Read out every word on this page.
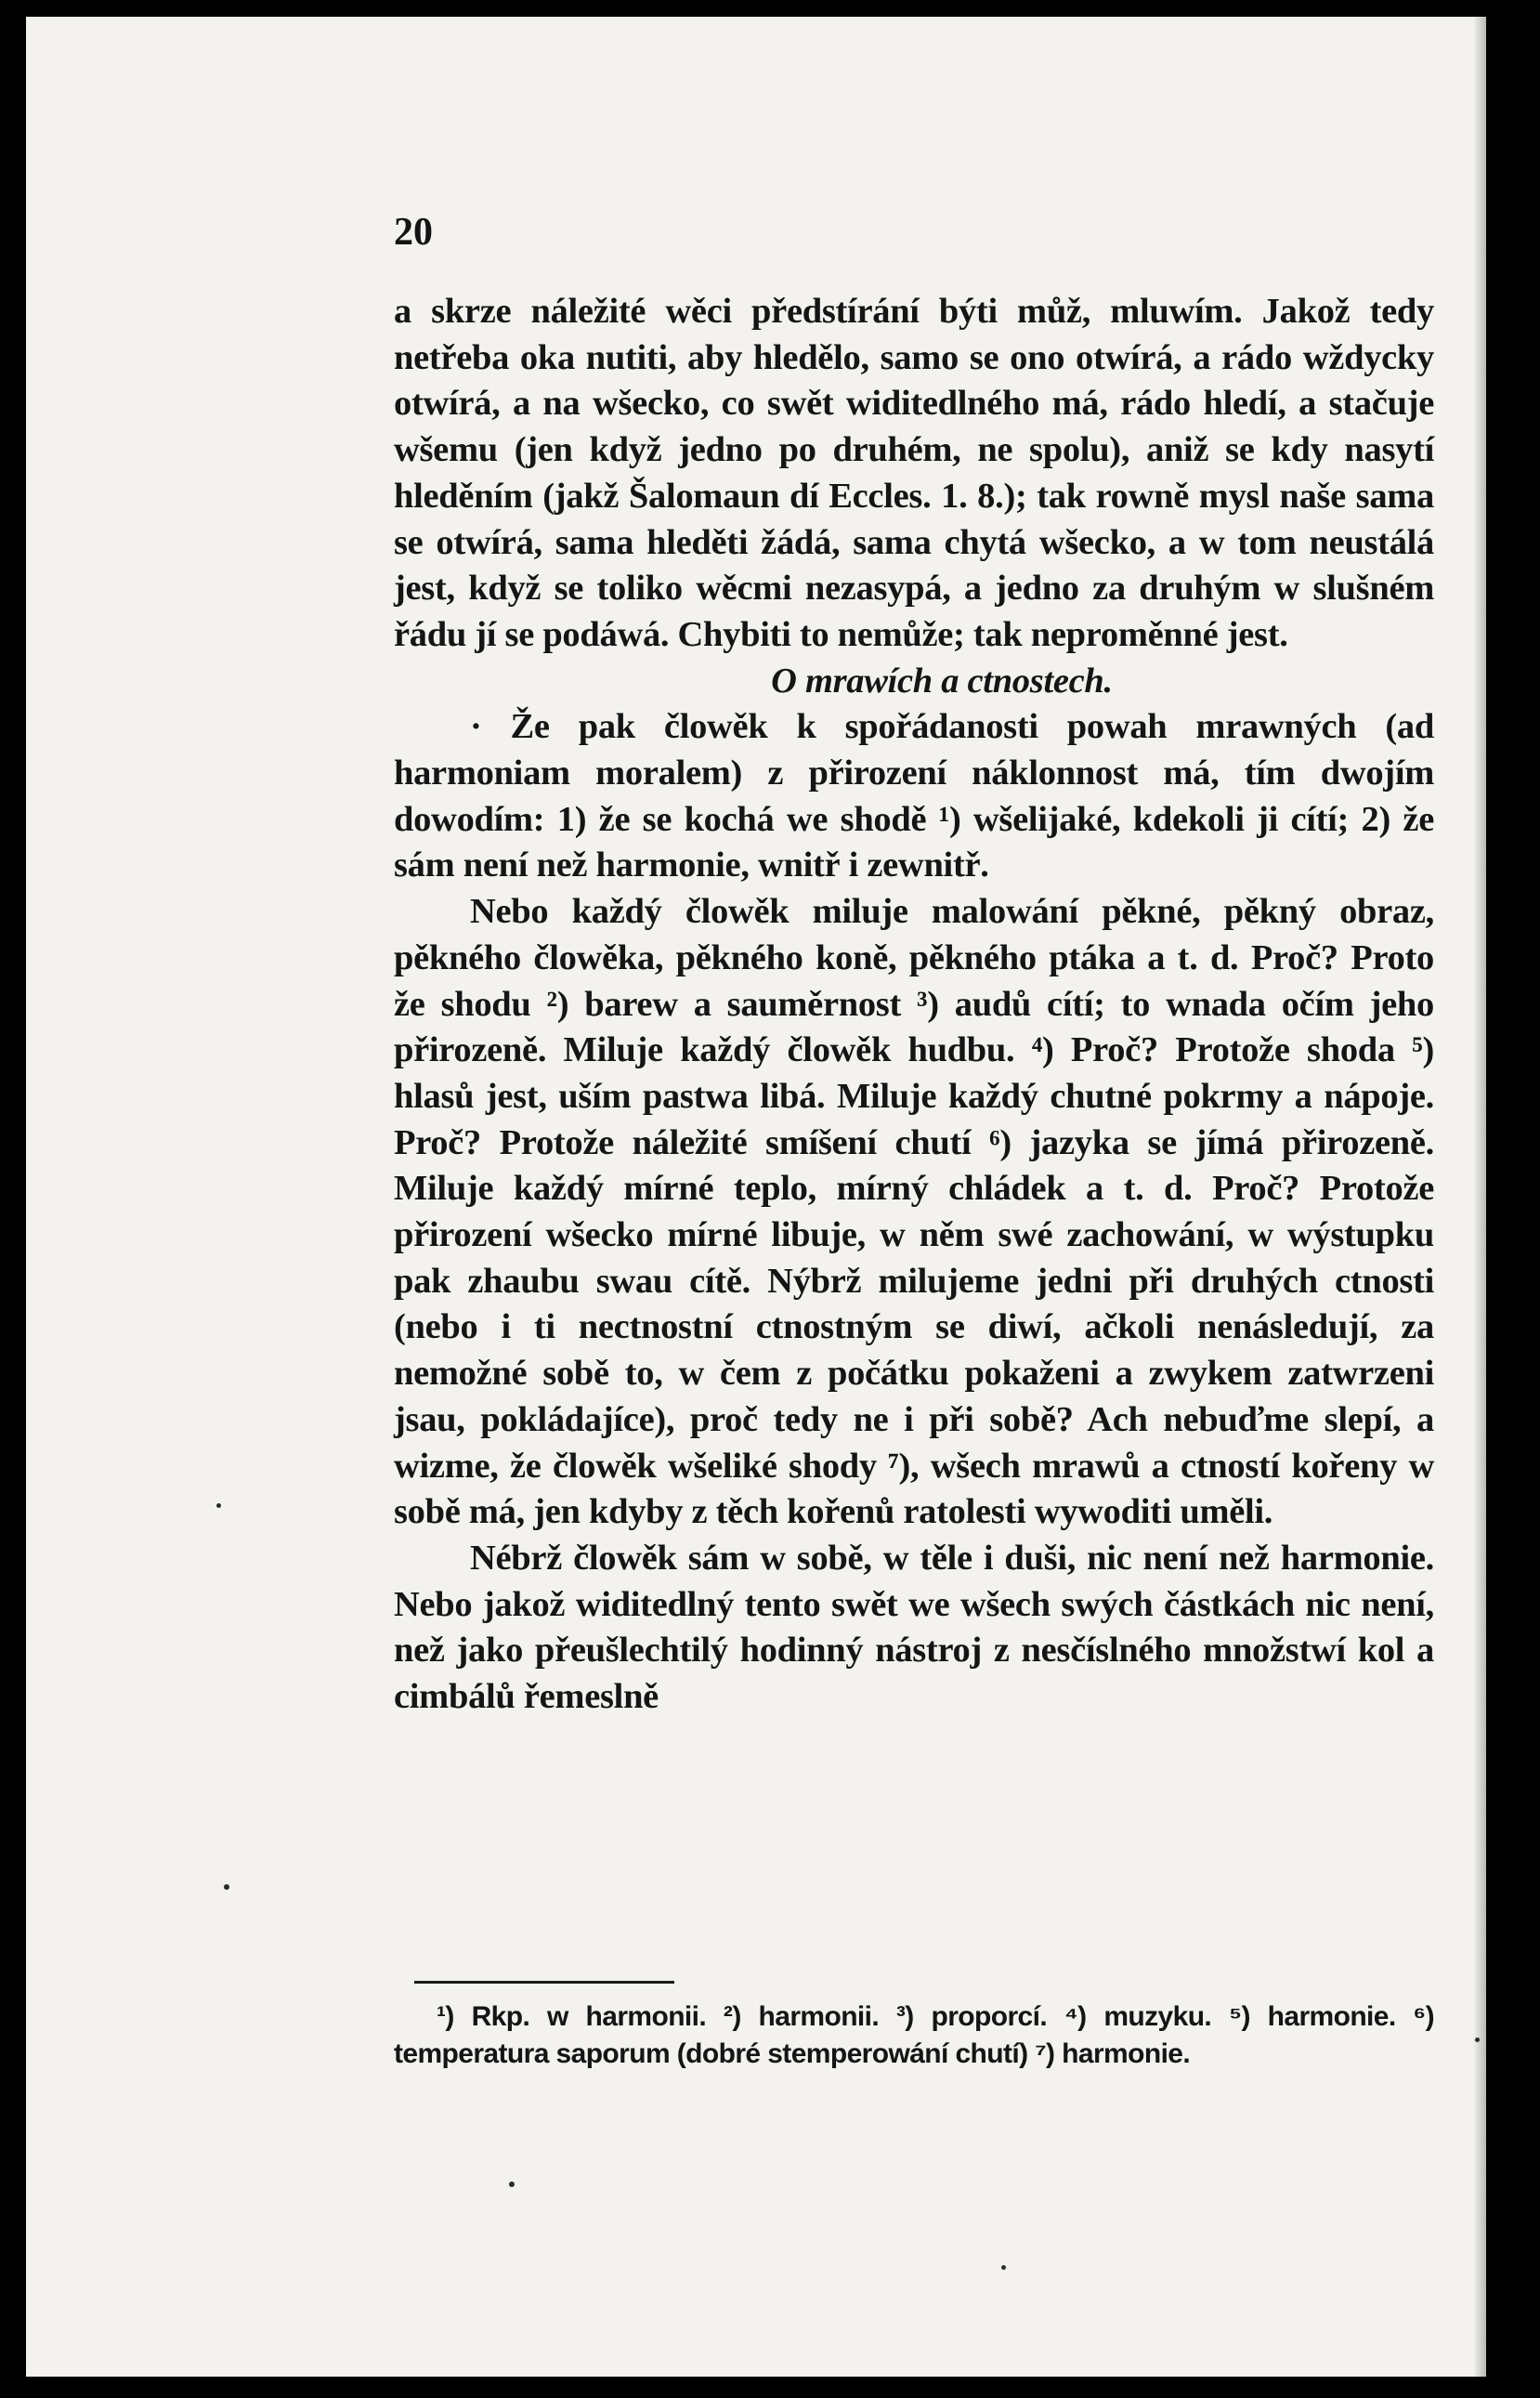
20

a skrze náležité wěci předstírání býti můž, mluwím. Jakož tedy netřeba oka nutiti, aby hledělo, samo se ono otwírá, a rádo wždycky otwírá, a na wšecko, co swět widitedlného má, rádo hledí, a stačuje wšemu (jen když jedno po druhém, ne spolu), aniž se kdy nasytí hleděním (jakž Šalomaun dí Eccles. 1. 8.); tak rowně mysl naše sama se otwírá, sama hleděti žádá, sama chytá wšecko, a w tom neustálá jest, když se toliko wěcmi nezasypá, a jedno za druhým w slušném řádu jí se podáwá. Chybiti to nemůže; tak neproměnné jest.

O mrawích a ctnostech.

· Že pak člowěk k spořádanosti powah mrawných (ad harmoniam moralem) z přirození náklonnost má, tím dwojím dowodím: 1) že se kochá we shodě ¹) wšelijaké, kdekoli ji cítí; 2) že sám není než harmonie, wnitř i zewnitř.

Nebo každý člowěk miluje malowání pěkné, pěkný obraz, pěkného člowěka, pěkného koně, pěkného ptáka a t. d. Proč? Proto že shodu ²) barew a sauměrnost ³) audů cítí; to wnada očím jeho přirozeně. Miluje každý člowěk hudbu. ⁴) Proč? Protože shoda ⁵) hlasů jest, uším pastwa libá. Miluje každý chutné pokrmy a nápoje. Proč? Protože náležité smíšení chutí ⁶) jazyka se jímá přirozeně. Miluje každý mírné teplo, mírný chládek a t. d. Proč? Protože přirození wšecko mírné libuje, w něm swé zachowání, w wýstupku pak zhaubu swau cítě. Nýbrž milujeme jedni při druhých ctnosti (nebo i ti nectnostní ctnostným se diwí, ačkoli nenásledují, za nemožné sobě to, w čem z počátku pokaženi a zwykem zatwrzeni jsau, pokládajíce), proč tedy ne i při sobě? Ach nebuďme slepí, a wizme, že člowěk wšeliké shody ⁷), wšech mrawů a ctností kořeny w sobě má, jen kdyby z těch kořenů ratolesti wywoditi uměli.

Nébrž člowěk sám w sobě, w těle i duši, nic není než harmonie. Nebo jakož widitedlný tento swět we wšech swých částkách nic není, než jako přeušlechtilý hodinný nástroj z nesčíslného množstwí kol a cimbálů řemeslně

¹) Rkp. w harmonii. ²) harmonii. ³) proporcí. ⁴) muzyku. ⁵) harmonie. ⁶) temperatura saporum (dobré stemperowání chutí) ⁷) harmonie.
